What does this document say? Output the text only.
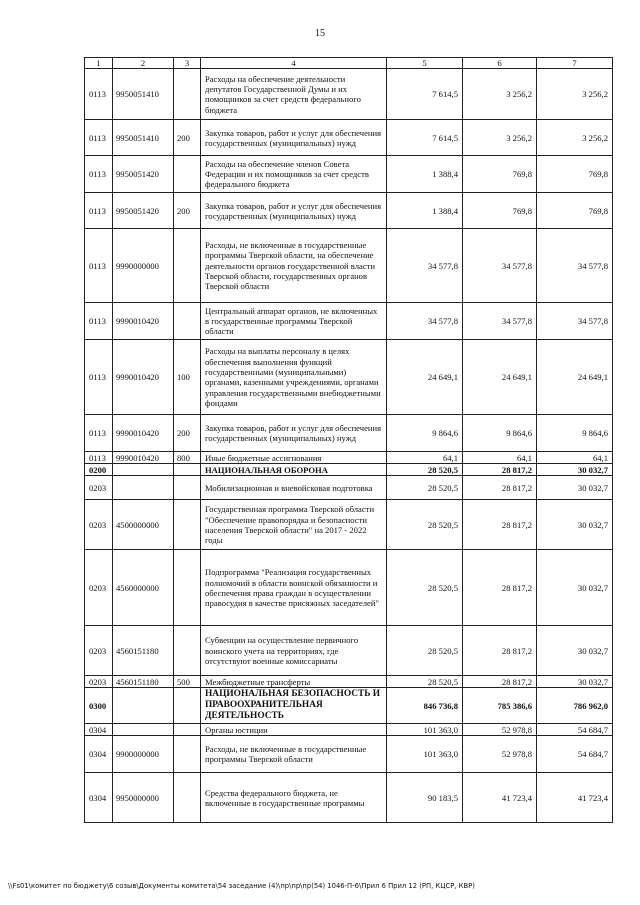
15
1	2	3	4	5	6	7
0113	9950051410		Расходы на обеспечение деятельности депутатов Государственной Думы и их помощников за счет средств федерального бюджета	7 614,5	3 256,2	3 256,2
0113	9950051410	200	Закупка товаров, работ и услуг для обеспечения государственных (муниципальных) нужд	7 614,5	3 256,2	3 256,2
0113	9950051420		Расходы на обеспечение членов Совета Федерации и их помощников за счет средств федерального бюджета	1 388,4	769,8	769,8
0113	9950051420	200	Закупка товаров, работ и услуг для обеспечения государственных (муниципальных) нужд	1 388,4	769,8	769,8
0113	9990000000		Расходы, не включенные в государственные программы Тверской области, на обеспечение деятельности органов государственной власти Тверской области, государственных органов Тверской области	34 577,8	34 577,8	34 577,8
0113	9990010420		Центральный аппарат органов, не включенных в государственные программы Тверской области	34 577,8	34 577,8	34 577,8
0113	9990010420	100	Расходы на выплаты персоналу в целях обеспечения выполнения функций государственными (муниципальными) органами, казенными учреждениями, органами управления государственными внебюджетными фондами	24 649,1	24 649,1	24 649,1
0113	9990010420	200	Закупка товаров, работ и услуг для обеспечения государственных (муниципальных) нужд	9 864,6	9 864,6	9 864,6
0113	9990010420	800	Иные бюджетные ассигнования	64,1	64,1	64,1
0200			НАЦИОНАЛЬНАЯ ОБОРОНА	28 520,5	28 817,2	30 032,7
0203			Мобилизационная и вневойсковая подготовка	28 520,5	28 817,2	30 032,7
0203	4500000000		Государственная программа Тверской области "Обеспечение правопорядка и безопасности населения Тверской области" на 2017 - 2022 годы	28 520,5	28 817,2	30 032,7
0203	4560000000		Подпрограмма "Реализация государственных полномочий в области воинской обязанности и обеспечения права граждан в осуществлении правосудия в качестве присяжных заседателей"	28 520,5	28 817,2	30 032,7
0203	4560151180		Субвенции на осуществление первичного воинского учета на территориях, где отсутствуют военные комиссариаты	28 520,5	28 817,2	30 032,7
0203	4560151180	500	Межбюджетные трансферты	28 520,5	28 817,2	30 032,7
0300			НАЦИОНАЛЬНАЯ БЕЗОПАСНОСТЬ И ПРАВООХРАНИТЕЛЬНАЯ ДЕЯТЕЛЬНОСТЬ	846 736,8	785 386,6	786 962,0
0304			Органы юстиции	101 363,0	52 978,8	54 684,7
0304	9900000000		Расходы, не включенные в государственные программы Тверской области	101 363,0	52 978,8	54 684,7
0304	9950000000		Средства федерального бюджета, не включенные в государственные программы	90 183,5	41 723,4	41 723,4
\\Fs01\комитет по бюджету\6 созыв\Документы комитета\54 заседание (4)\пр\пр\пр(54) 1046-П-6\Прил 6 Прил 12 (РП, КЦСР, КВР)
